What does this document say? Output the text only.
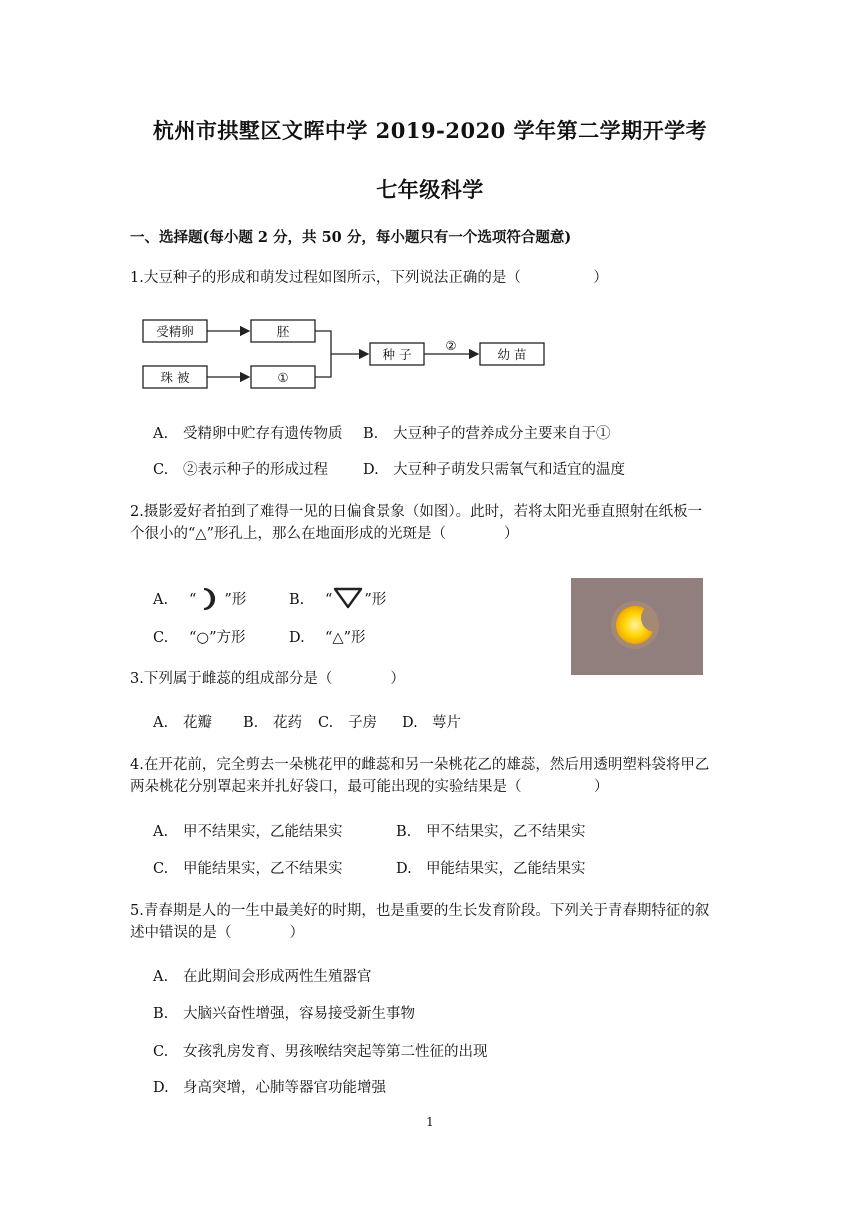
杭州市拱墅区文晖中学 2019-2020 学年第二学期开学考
七年级科学
一、选择题(每小题 2 分，共 50 分，每小题只有一个选项符合题意)
1.大豆种子的形成和萌发过程如图所示，下列说法正确的是（　　　　　）
受精卵	胚
珠 被	①
种 子
②
幼 苗
A. 受精卵中贮存有遗传物质 B. 大豆种子的营养成分主要来自于①
C. ②表示种子的形成过程 D. 大豆种子萌发只需氧气和适宜的温度
2.摄影爱好者拍到了难得一见的日偏食景象（如图）。此时，若将太阳光垂直照射在纸板一
个很小的“△”形孔上，那么在地面形成的光斑是（　　　　）
A. “ ”形	B. “ ”形
C. “○”方形	D. “△”形
3.下列属于雌蕊的组成部分是（　　　　）
A. 花瓣 B. 花药 C. 子房 D. 萼片
4.在开花前，完全剪去一朵桃花甲的雌蕊和另一朵桃花乙的雄蕊，然后用透明塑料袋将甲乙
两朵桃花分别罩起来并扎好袋口，最可能出现的实验结果是（　　　　　）
A. 甲不结果实，乙能结果实	B. 甲不结果实，乙不结果实
C. 甲能结果实，乙不结果实	D. 甲能结果实，乙能结果实
5.青春期是人的一生中最美好的时期，也是重要的生长发育阶段。下列关于青春期特征的叙
述中错误的是（　　　　）
A. 在此期间会形成两性生殖器官
B. 大脑兴奋性增强，容易接受新生事物
C. 女孩乳房发育、男孩喉结突起等第二性征的出现
D. 身高突增，心肺等器官功能增强
1
